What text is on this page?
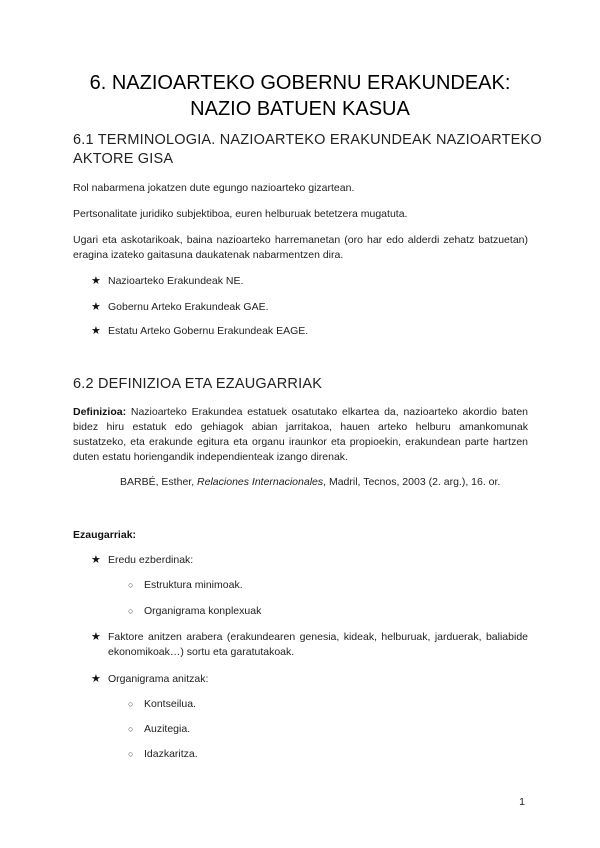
6. NAZIOARTEKO GOBERNU ERAKUNDEAK: NAZIO BATUEN KASUA
6.1 TERMINOLOGIA. NAZIOARTEKO ERAKUNDEAK NAZIOARTEKO AKTORE GISA

Rol nabarmena jokatzen dute egungo nazioarteko gizartean.

Pertsonalitate juridiko subjektiboa, euren helburuak betetzera mugatuta.

Ugari eta askotarikoak, baina nazioarteko harremanetan (oro har edo alderdi zehatz batzuetan) eragina izateko gaitasuna daukatenak nabarmentzen dira.

★ Nazioarteko Erakundeak NE.
★ Gobernu Arteko Erakundeak GAE.
★ Estatu Arteko Gobernu Erakundeak EAGE.
6.2 DEFINIZIOA ETA EZAUGARRIAK

Definizioa: Nazioarteko Erakundea estatuek osatutako elkartea da, nazioarteko akordio baten bidez hiru estatuk edo gehiagok abian jarritakoa, hauen arteko helburu amankomunak sustatzeko, eta erakunde egitura eta organu iraunkor eta propioekin, erakundean parte hartzen duten estatu horiengandik independienteak izango direnak.

BARBÉ, Esther, Relaciones Internacionales, Madril, Tecnos, 2003 (2. arg.), 16. or.

Ezaugarriak:

★ Eredu ezberdinak:
○ Estruktura minimoak.
○ Organigrama konplexuak
★ Faktore anitzen arabera (erakundearen genesia, kideak, helburuak, jarduerak, baliabide ekonomikoak…) sortu eta garatutakoak.
★ Organigrama anitzak:
○ Kontseilua.
○ Auzitegia.
○ Idazkaritza.
1
